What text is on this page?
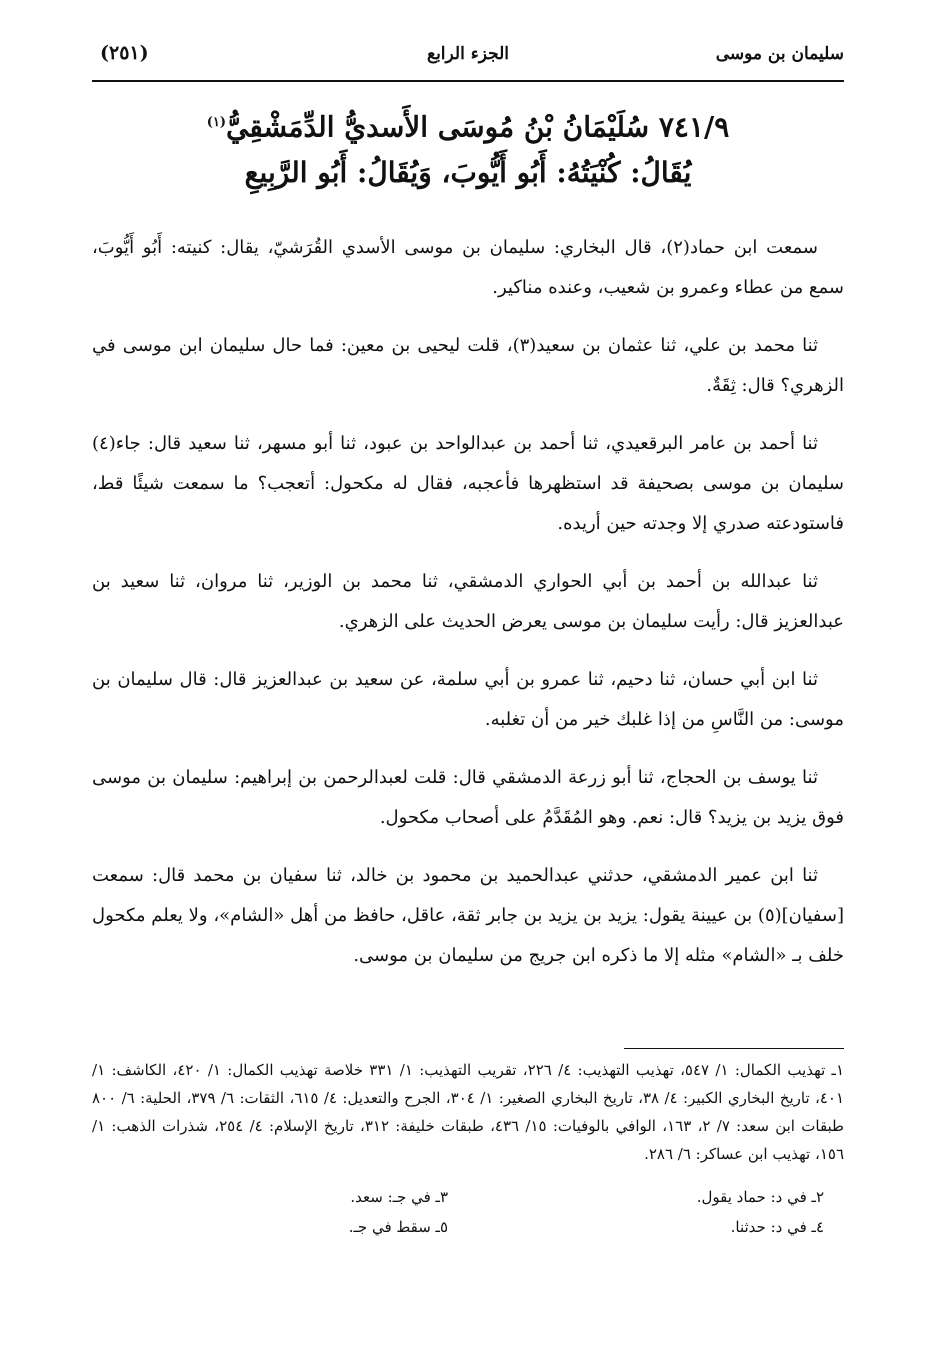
سليمان بن موسى
الجزء الرابع
(٢٥١)
٧٤١/٩ سُلَيْمَانُ بْنُ مُوسَى الأَسديُّ الدِّمَشْقِيُّ$^{(١)}$
يُقَالُ: كُنْيَتُهُ: أَبُو أَيُّوبَ، وَيُقَالُ: أَبُو الرَّبِيعِ

سمعت ابن حماد(٢)، قال البخاري: سليمان بن موسى الأسدي القُرَشيّ، يقال: كنيته: أَبُو أَيُّوبَ، سمع من عطاء وعمرو بن شعيب، وعنده مناكير.

ثنا محمد بن علي، ثنا عثمان بن سعيد(٣)، قلت ليحيى بن معين: فما حال سليمان ابن موسى في الزهري؟ قال: ثِقَةٌ.

ثنا أحمد بن عامر البرقعيدي، ثنا أحمد بن عبدالواحد بن عبود، ثنا أبو مسهر، ثنا سعيد قال: جاء(٤) سليمان بن موسى بصحيفة قد استظهرها فأعجبه، فقال له مكحول: أتعجب؟ ما سمعت شيئًا قط، فاستودعته صدري إلا وجدته حين أريده.

ثنا عبدالله بن أحمد بن أبي الحواري الدمشقي، ثنا محمد بن الوزير، ثنا مروان، ثنا سعيد بن عبدالعزيز قال: رأيت سليمان بن موسى يعرض الحديث على الزهري.

ثنا ابن أبي حسان، ثنا دحيم، ثنا عمرو بن أبي سلمة، عن سعيد بن عبدالعزيز قال: قال سليمان بن موسى: من النَّاسِ من إذا غلبك خير من أن تغلبه.

ثنا يوسف بن الحجاج، ثنا أبو زرعة الدمشقي قال: قلت لعبدالرحمن بن إبراهيم: سليمان بن موسى فوق يزيد بن يزيد؟ قال: نعم. وهو المُقَدَّمُ على أصحاب مكحول.

ثنا ابن عمير الدمشقي، حدثني عبدالحميد بن محمود بن خالد، ثنا سفيان بن محمد قال: سمعت [سفيان](٥) بن عيينة يقول: يزيد بن يزيد بن جابر ثقة، عاقل، حافظ من أهل «الشام»، ولا يعلم مكحول خلف بـ «الشام» مثله إلا ما ذكره ابن جريج من سليمان بن موسى.

١ـ تهذيب الكمال: ١/ ٥٤٧، تهذيب التهذيب: ٤/ ٢٢٦، تقريب التهذيب: ١/ ٣٣١ خلاصة تهذيب الكمال: ١/ ٤٢٠، الكاشف: ١/ ٤٠١، تاريخ البخاري الكبير: ٤/ ٣٨، تاريخ البخاري الصغير: ١/ ٣٠٤، الجرح والتعديل: ٤/ ٦١٥، الثقات: ٦/ ٣٧٩، الحلية: ٦/ ٨٠٠ طبقات ابن سعد: ٧/ ٢، ١٦٣، الوافي بالوفيات: ١٥/ ٤٣٦، طبقات خليفة: ٣١٢، تاريخ الإسلام: ٤/ ٢٥٤، شذرات الذهب: ١/ ١٥٦، تهذيب ابن عساكر: ٦/ ٢٨٦.

٢ـ في د: حماد يقول.
٣ـ في جـ: سعد.
٤ـ في د: حدثنا.
٥ـ سقط في جـ.
